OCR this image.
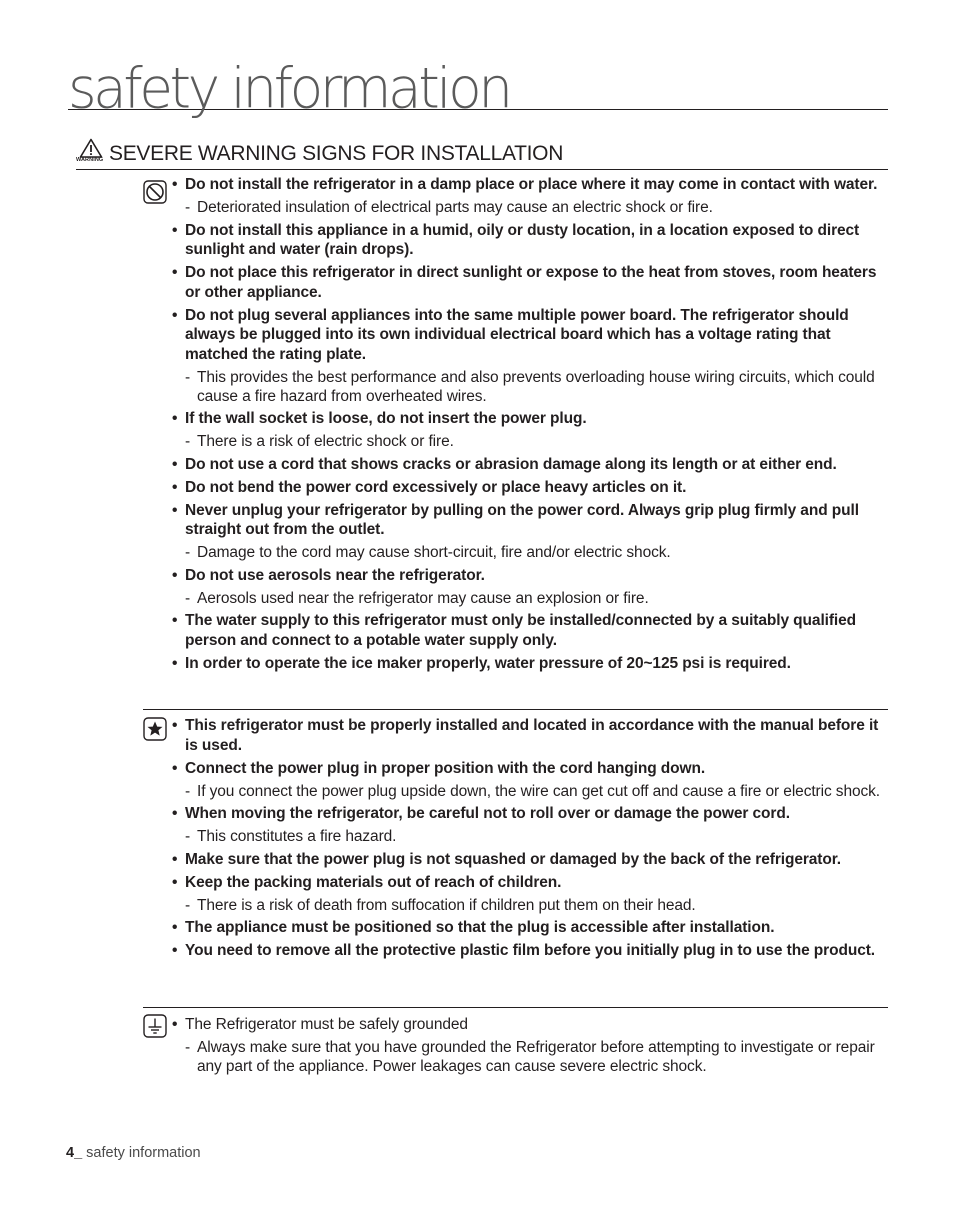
safety information
WARNING SEVERE WARNING SIGNS FOR INSTALLATION
• Do not install the refrigerator in a damp place or place where it may come in contact with water.
- Deteriorated insulation of electrical parts may cause an electric shock or fire.
• Do not install this appliance in a humid, oily or dusty location, in a location exposed to direct sunlight and water (rain drops).
• Do not place this refrigerator in direct sunlight or expose to the heat from stoves, room heaters or other appliance.
• Do not plug several appliances into the same multiple power board. The refrigerator should always be plugged into its own individual electrical board which has a voltage rating that matched the rating plate.
- This provides the best performance and also prevents overloading house wiring circuits, which could cause a fire hazard from overheated wires.
• If the wall socket is loose, do not insert the power plug.
- There is a risk of electric shock or fire.
• Do not use a cord that shows cracks or abrasion damage along its length or at either end.
• Do not bend the power cord excessively or place heavy articles on it.
• Never unplug your refrigerator by pulling on the power cord. Always grip plug firmly and pull straight out from the outlet.
- Damage to the cord may cause short-circuit, fire and/or electric shock.
• Do not use aerosols near the refrigerator.
- Aerosols used near the refrigerator may cause an explosion or fire.
• The water supply to this refrigerator must only be installed/connected by a suitably qualified person and connect to a potable water supply only.
• In order to operate the ice maker properly, water pressure of 20~125 psi is required.
• This refrigerator must be properly installed and located in accordance with the manual before it is used.
• Connect the power plug in proper position with the cord hanging down.
- If you connect the power plug upside down, the wire can get cut off and cause a fire or electric shock.
• When moving the refrigerator, be careful not to roll over or damage the power cord.
- This constitutes a fire hazard.
• Make sure that the power plug is not squashed or damaged by the back of the refrigerator.
• Keep the packing materials out of reach of children.
- There is a risk of death from suffocation if children put them on their head.
• The appliance must be positioned so that the plug is accessible after installation.
• You need to remove all the protective plastic film before you initially plug in to use the product.
• The Refrigerator must be safely grounded
- Always make sure that you have grounded the Refrigerator before attempting to investigate or repair any part of the appliance. Power leakages can cause severe electric shock.
4_ safety information
